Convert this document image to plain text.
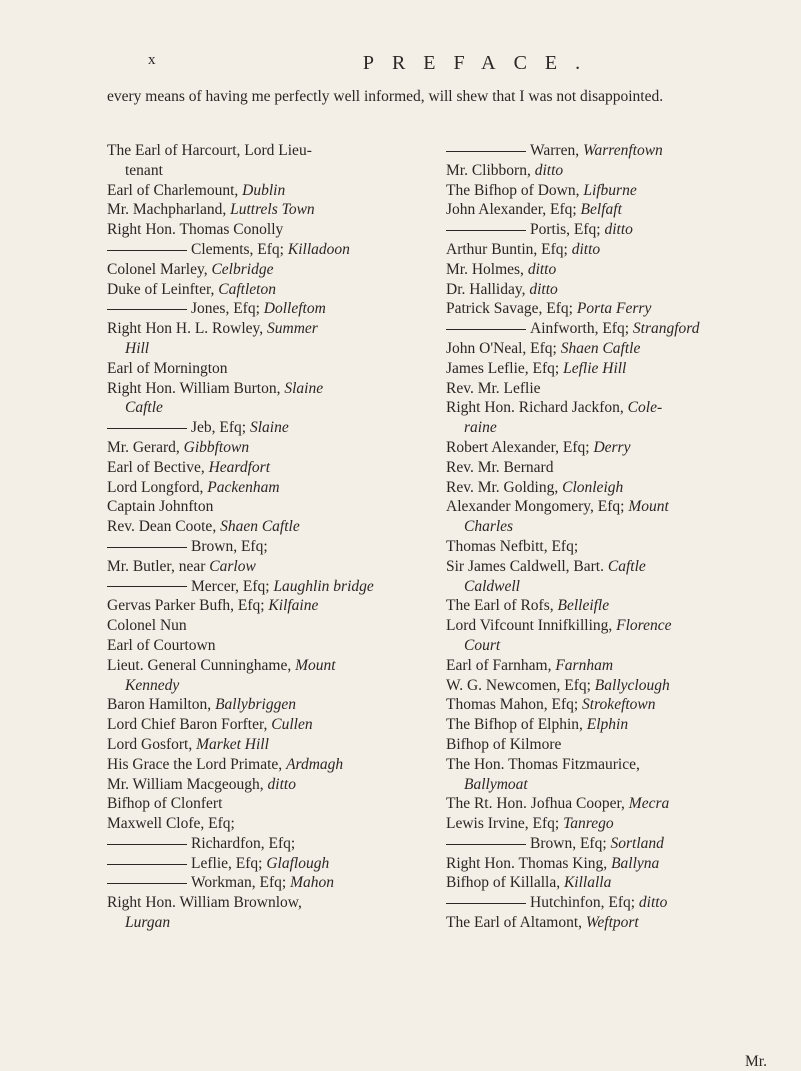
x	PREFACE.
every means of having me perfectly well informed, will shew that I was not disappointed.

The Earl of Harcourt, Lord Lieu-

tenant

Earl of Charlemount, Dublin

Mr. Machpharland, Luttrels Town

Right Hon. Thomas Conolly

Clements, Efq; Killadoon

Colonel Marley, Celbridge

Duke of Leinfter, Caftleton

Jones, Efq; Dolleftom

Right Hon H. L. Rowley, Summer

Hill

Earl of Mornington

Right Hon. William Burton, Slaine

Caftle

Jeb, Efq; Slaine

Mr. Gerard, Gibbftown

Earl of Bective, Heardfort

Lord Longford, Packenham

Captain Johnfton

Rev. Dean Coote, Shaen Caftle

Brown, Efq;

Mr. Butler, near Carlow

Mercer, Efq; Laughlin bridge

Gervas Parker Bufh, Efq; Kilfaine

Colonel Nun

Earl of Courtown

Lieut. General Cunninghame, Mount

Kennedy

Baron Hamilton, Ballybriggen

Lord Chief Baron Forfter, Cullen

Lord Gosfort, Market Hill

His Grace the Lord Primate, Ardmagh

Mr. William Macgeough, ditto

Bifhop of Clonfert

Maxwell Clofe, Efq;

Richardfon, Efq;

Leflie, Efq; Glaflough

Workman, Efq; Mahon

Right Hon. William Brownlow,

Lurgan

Warren, Warrenftown

Mr. Clibborn, ditto

The Bifhop of Down, Lifburne

John Alexander, Efq; Belfaft

Portis, Efq; ditto

Arthur Buntin, Efq; ditto

Mr. Holmes, ditto

Dr. Halliday, ditto

Patrick Savage, Efq; Porta Ferry

Ainfworth, Efq; Strangford

John O'Neal, Efq; Shaen Caftle

James Leflie, Efq; Leflie Hill

Rev. Mr. Leflie

Right Hon. Richard Jackfon, Cole-

raine

Robert Alexander, Efq; Derry

Rev. Mr. Bernard

Rev. Mr. Golding, Clonleigh

Alexander Mongomery, Efq; Mount

Charles

Thomas Nefbitt, Efq;

Sir James Caldwell, Bart. Caftle

Caldwell

The Earl of Rofs, Belleifle

Lord Vifcount Innifkilling, Florence

Court

Earl of Farnham, Farnham

W. G. Newcomen, Efq; Ballyclough

Thomas Mahon, Efq; Strokeftown

The Bifhop of Elphin, Elphin

Bifhop of Kilmore

The Hon. Thomas Fitzmaurice,

Ballymoat

The Rt. Hon. Jofhua Cooper, Mecra

Lewis Irvine, Efq; Tanrego

Brown, Efq; Sortland

Right Hon. Thomas King, Ballyna

Bifhop of Killalla, Killalla

Hutchinfon, Efq; ditto

The Earl of Altamont, Weftport

Mr.
